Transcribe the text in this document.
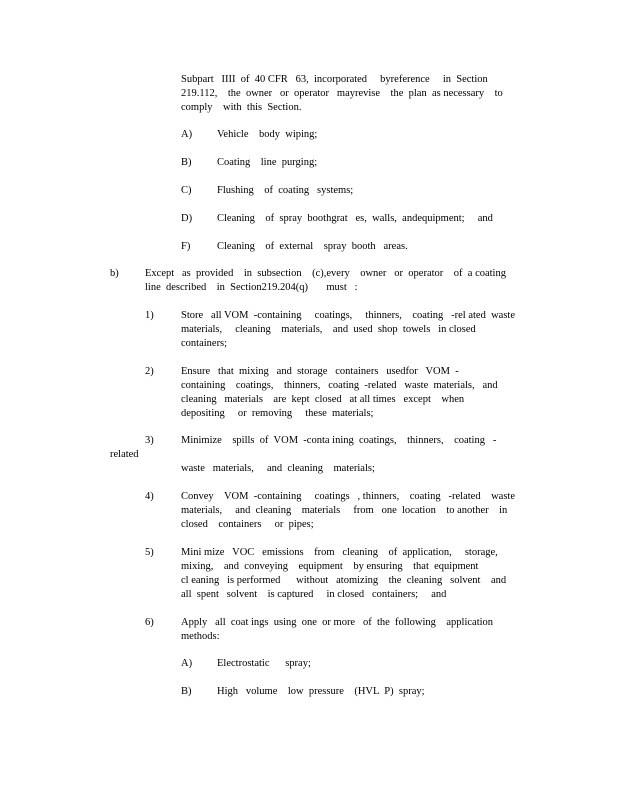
Subpart   IIII  of  40 CFR   63,  incorporated     byreference     in  Section
219.112,    the  owner   or  operator   mayrevise    the  plan  as necessary    to
comply    with  this  Section.
A) Vehicle    body  wiping;
B) Coating    line  purging;
C) Flushing    of  coating   systems;
D) Cleaning    of  spray  boothgrat   es,  walls,  andequipment;     and
F)	Cleaning    of  external    spray  booth   areas.
b)	Except   as  provided    in  subsection    (c),every    owner   or  operator    of  a coating
line  described    in  Section219.204(q)       must   :
1)	Store   all VOM  -containing     coatings,     thinners,    coating   -rel ated  waste
materials,     cleaning    materials,    and  used  shop  towels   in closed
containers;
2)	Ensure   that  mixing   and  storage   containers   usedfor   VOM  -
containing    coatings,    thinners,   coating  -related   waste  materials,   and
cleaning   materials    are  kept  closed   at all times   except    when
depositing     or  removing     these  materials;
3)	Minimize    spills  of  VOM  -conta ining  coatings,    thinners,    coating   -
related
waste   materials,     and  cleaning    materials;
4)	Convey    VOM  -containing     coatings   , thinners,    coating   -related    waste
materials,     and  cleaning    materials     from   one  location    to another    in
closed    containers     or  pipes;
5)	Mini mize   VOC   emissions    from   cleaning    of  application,     storage,
mixing,    and  conveying    equipment    by ensuring    that  equipment
cl eaning   is performed      without   atomizing    the  cleaning   solvent    and
all  spent   solvent    is captured     in closed   containers;     and
6)	Apply   all  coat ings  using  one  or more   of  the  following    application
methods:
A) Electrostatic      spray;
B) High   volume    low  pressure    (HVL  P)  spray;
